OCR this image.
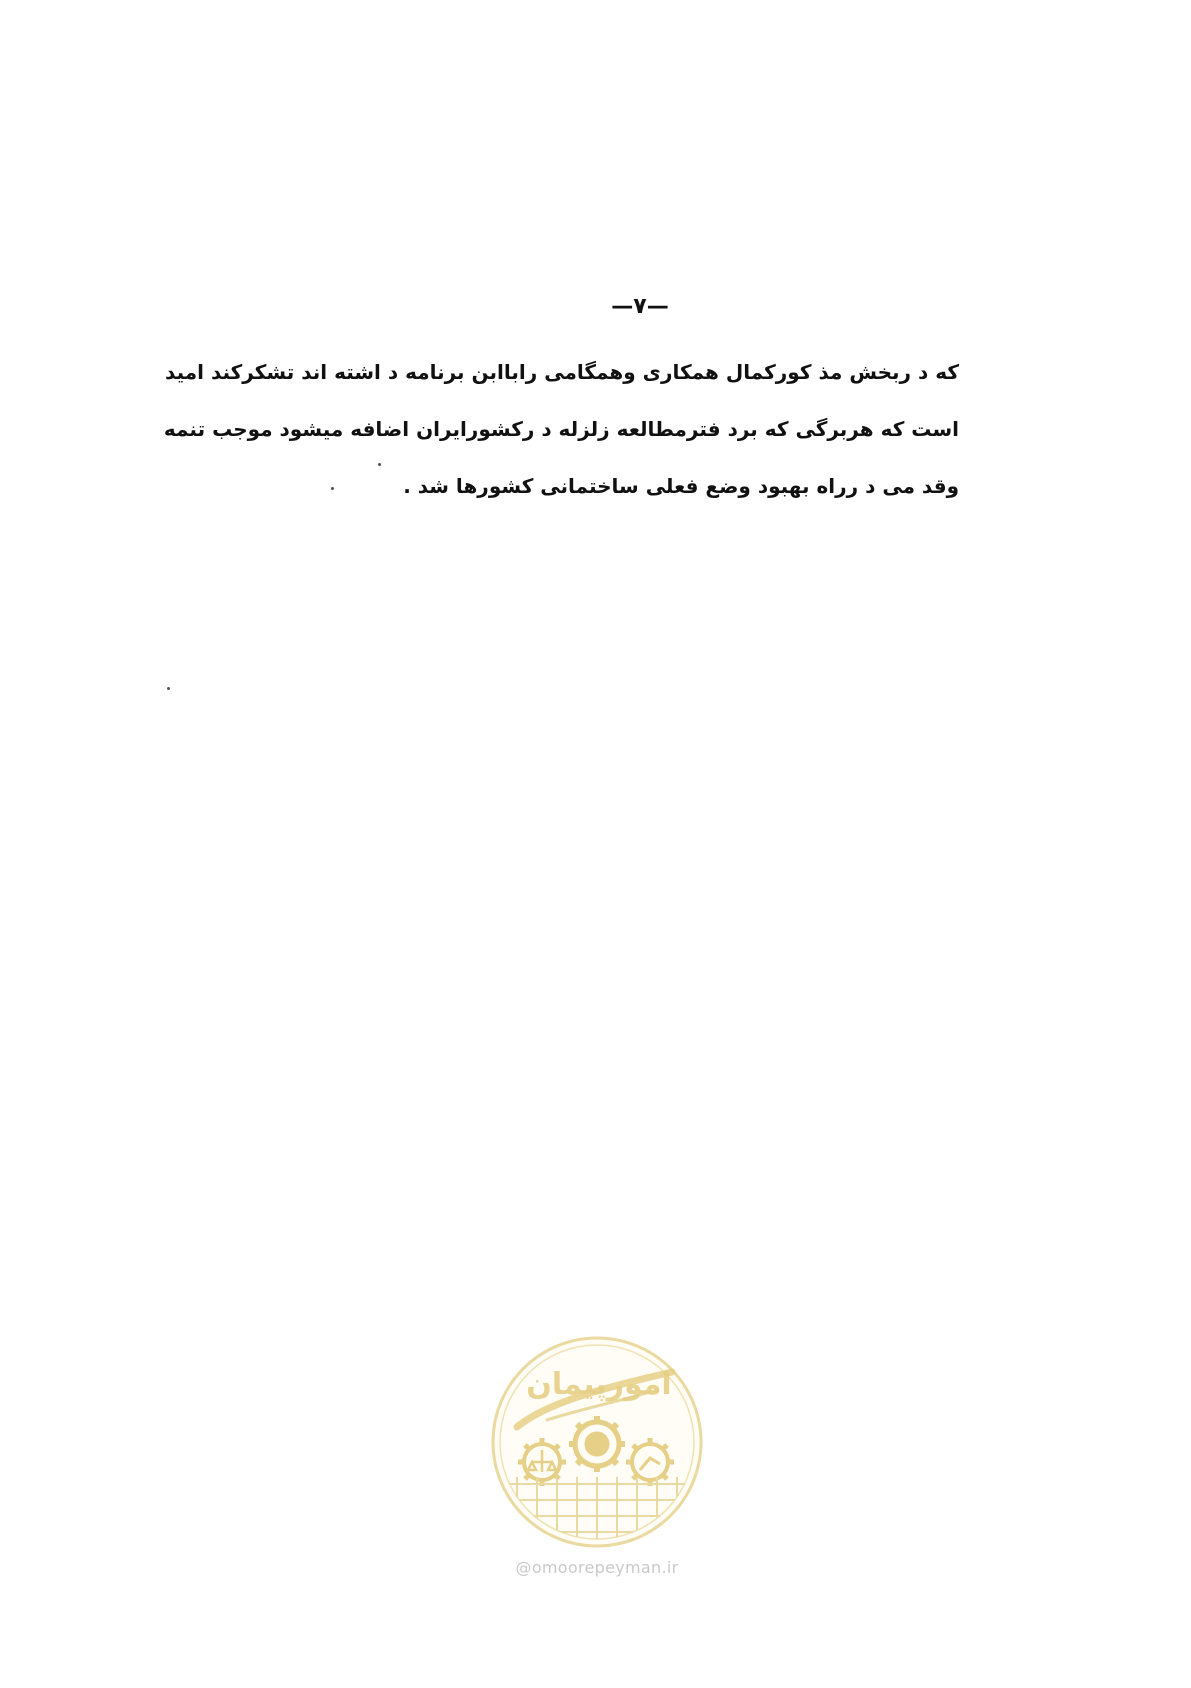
—۷—
که د ربخش مذ کورکمال همکاری وهمگامی راباابن برنامه د اشته اند تشکرکند امید
است که هربرگی که برد فترمطالعه زلزله د رکشورایران اضافه میشود موجب تنمه
وقد می د رراه بهبود وضع فعلی ساختمانی کشورها شد .
امورپیمان
@omoorepeyman.ir
